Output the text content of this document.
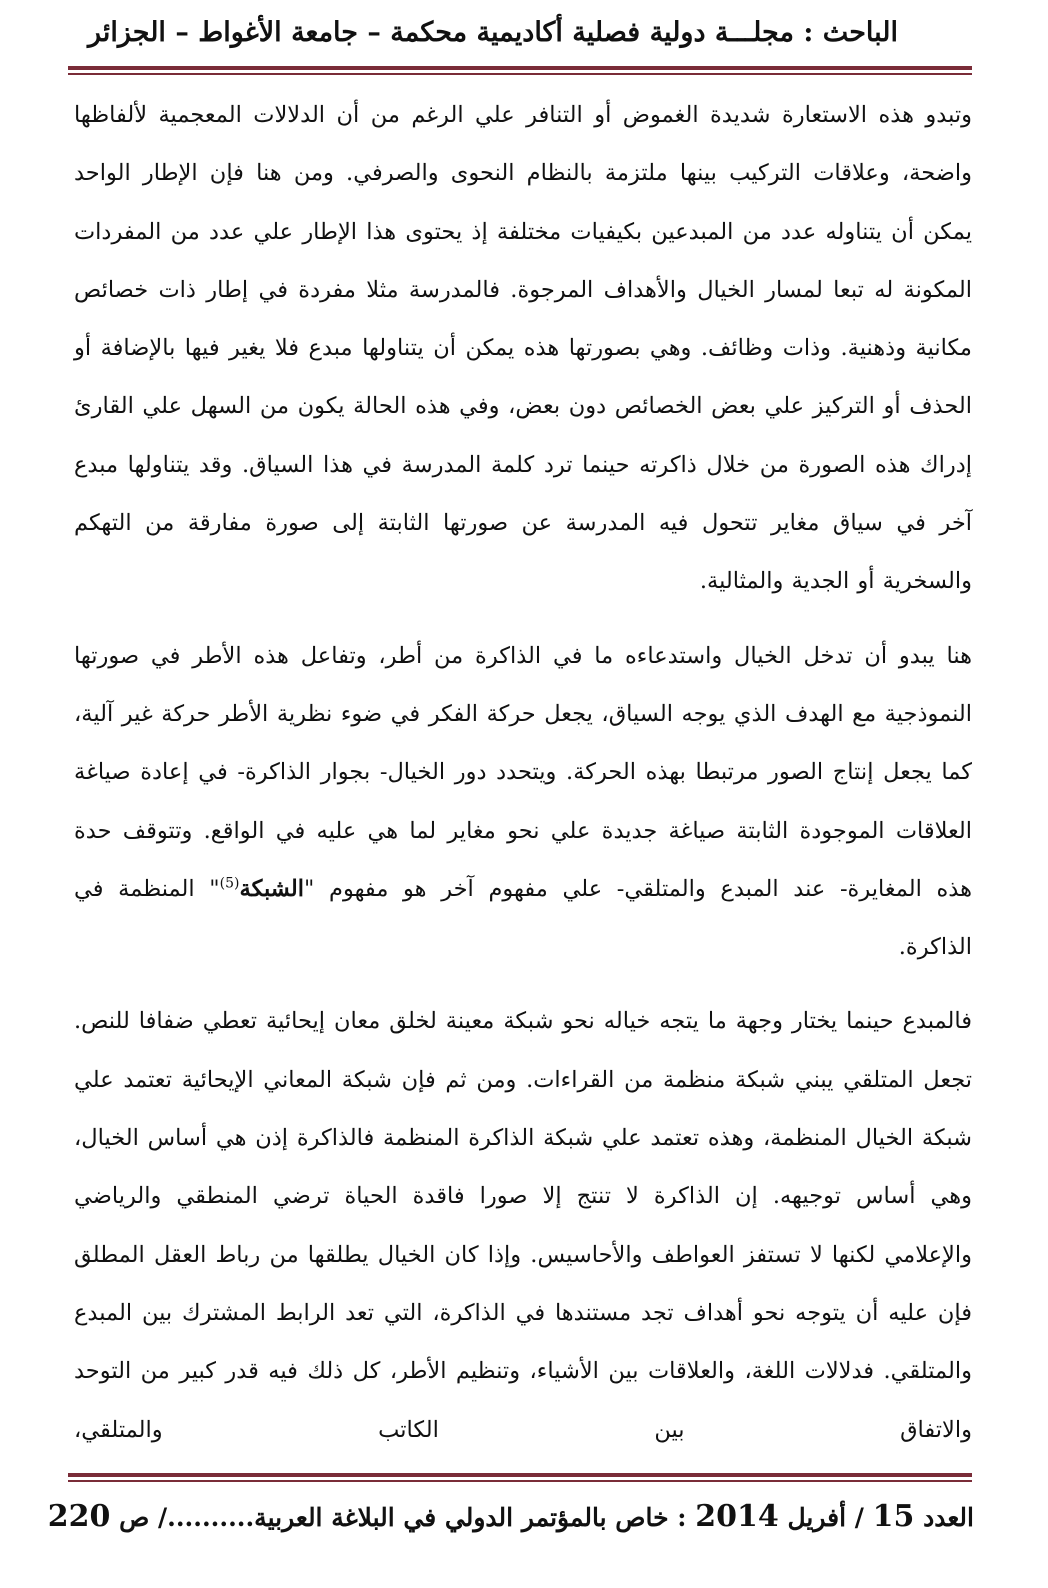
الباحث : مجلـــة دولية فصلية أكاديمية محكمة – جامعة الأغواط – الجزائر

وتبدو هذه الاستعارة شديدة الغموض أو التنافر علي الرغم من أن الدلالات المعجمية لألفاظها واضحة، وعلاقات التركيب بينها ملتزمة بالنظام النحوى والصرفي. ومن هنا فإن الإطار الواحد يمكن أن يتناوله عدد من المبدعين بكيفيات مختلفة إذ يحتوى هذا الإطار علي عدد من المفردات المكونة له تبعا لمسار الخيال والأهداف المرجوة. فالمدرسة مثلا مفردة في إطار ذات خصائص مكانية وذهنية. وذات وظائف. وهي بصورتها هذه يمكن أن يتناولها مبدع فلا يغير فيها بالإضافة أو الحذف أو التركيز علي بعض الخصائص دون بعض، وفي هذه الحالة يكون من السهل علي القارئ إدراك هذه الصورة من خلال ذاكرته حينما ترد كلمة المدرسة في هذا السياق. وقد يتناولها مبدع آخر في سياق مغاير تتحول فيه المدرسة عن صورتها الثابتة إلى صورة مفارقة من التهكم والسخرية أو الجدية والمثالية.

هنا يبدو أن تدخل الخيال واستدعاءه ما في الذاكرة من أطر، وتفاعل هذه الأطر في صورتها النموذجية مع الهدف الذي يوجه السياق، يجعل حركة الفكر في ضوء نظرية الأطر حركة غير آلية، كما يجعل إنتاج الصور مرتبطا بهذه الحركة. ويتحدد دور الخيال- بجوار الذاكرة- في إعادة صياغة العلاقات الموجودة الثابتة صياغة جديدة علي نحو مغاير لما هي عليه في الواقع. وتتوقف حدة هذه المغايرة- عند المبدع والمتلقي- علي مفهوم آخر هو مفهوم "الشبكة$^{(5)}$" المنظمة في الذاكرة.

فالمبدع حينما يختار وجهة ما يتجه خياله نحو شبكة معينة لخلق معان إيحائية تعطي ضفافا للنص. تجعل المتلقي يبني شبكة منظمة من القراءات. ومن ثم فإن شبكة المعاني الإيحائية تعتمد علي شبكة الخيال المنظمة، وهذه تعتمد علي شبكة الذاكرة المنظمة فالذاكرة إذن هي أساس الخيال، وهي أساس توجيهه. إن الذاكرة لا تنتج إلا صورا فاقدة الحياة ترضي المنطقي والرياضي والإعلامي لكنها لا تستفز العواطف والأحاسيس. وإذا كان الخيال يطلقها من رباط العقل المطلق فإن عليه أن يتوجه نحو أهداف تجد مستندها في الذاكرة، التي تعد الرابط المشترك بين المبدع والمتلقي. فدلالات اللغة، والعلاقات بين الأشياء، وتنظيم الأطر، كل ذلك فيه قدر كبير من التوحد والاتفاق بين الكاتب والمتلقي،

العدد 15 / أفريل 2014 : خاص بالمؤتمر الدولي في البلاغة العربية........../ ص 220
